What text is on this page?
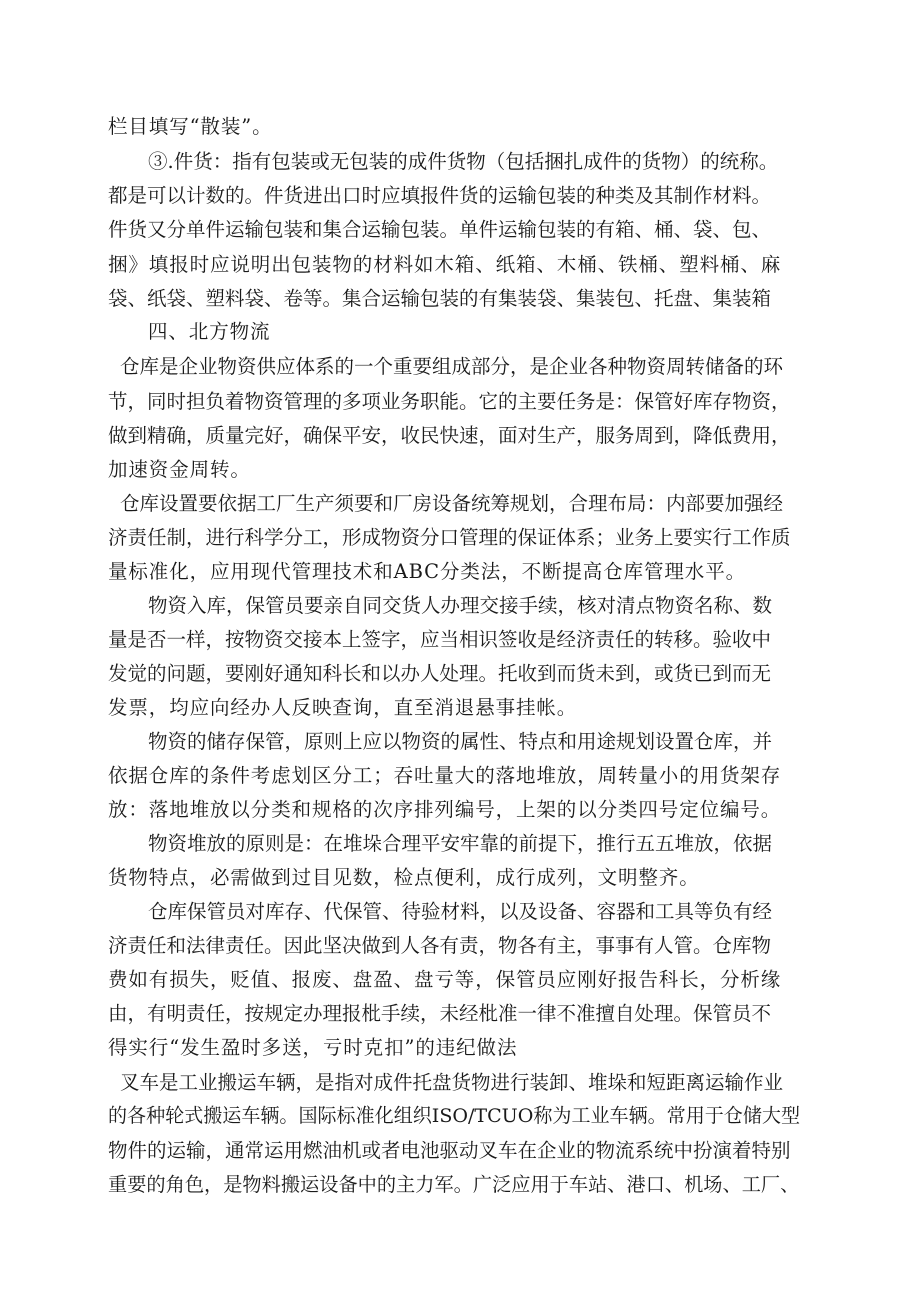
栏目填写“散装”。
③.件货：指有包装或无包装的成件货物（包括捆扎成件的货物）的统称。
都是可以计数的。件货进出口时应填报件货的运输包装的种类及其制作材料。
件货又分单件运输包装和集合运输包装。单件运输包装的有箱、桶、袋、包、
捆》填报时应说明出包装物的材料如木箱、纸箱、木桶、铁桶、塑料桶、麻
袋、纸袋、塑料袋、卷等。集合运输包装的有集装袋、集装包、托盘、集装箱
四、北方物流
仓库是企业物资供应体系的一个重要组成部分，是企业各种物资周转储备的环
节，同时担负着物资管理的多项业务职能。它的主要任务是：保管好库存物资，
做到精确，质量完好，确保平安，收民快速，面对生产，服务周到，降低费用，
加速资金周转。
仓库设置要依据工厂生产须要和厂房设备统筹规划，合理布局：内部要加强经
济责任制，进行科学分工，形成物资分口管理的保证体系；业务上要实行工作质
量标准化，应用现代管理技术和ABC分类法，不断提高仓库管理水平。
物资入库，保管员要亲自同交货人办理交接手续，核对清点物资名称、数
量是否一样，按物资交接本上签字，应当相识签收是经济责任的转移。验收中
发觉的问题，要刚好通知科长和以办人处理。托收到而货未到，或货已到而无
发票，均应向经办人反映查询，直至消退悬事挂帐。
物资的储存保管，原则上应以物资的属性、特点和用途规划设置仓库，并
依据仓库的条件考虑划区分工；吞吐量大的落地堆放，周转量小的用货架存
放：落地堆放以分类和规格的次序排列编号，上架的以分类四号定位编号。
物资堆放的原则是：在堆垛合理平安牢靠的前提下，推行五五堆放，依据
货物特点，必需做到过目见数，检点便利，成行成列，文明整齐。
仓库保管员对库存、代保管、待验材料，以及设备、容器和工具等负有经
济责任和法律责任。因此坚决做到人各有责，物各有主，事事有人管。仓库物
费如有损失，贬值、报废、盘盈、盘亏等，保管员应刚好报告科长，分析缘
由，有明责任，按规定办理报枇手续，未经枇准一律不准擅自处理。保管员不
得实行“发生盈时多送，亏时克扣”的违纪做法
叉车是工业搬运车辆，是指对成件托盘货物进行装卸、堆垛和短距离运输作业
的各种轮式搬运车辆。国际标准化组织ISO/TCUO称为工业车辆。常用于仓储大型
物件的运输，通常运用燃油机或者电池驱动叉车在企业的物流系统中扮演着特别
重要的角色，是物料搬运设备中的主力军。广泛应用于车站、港口、机场、工厂、
